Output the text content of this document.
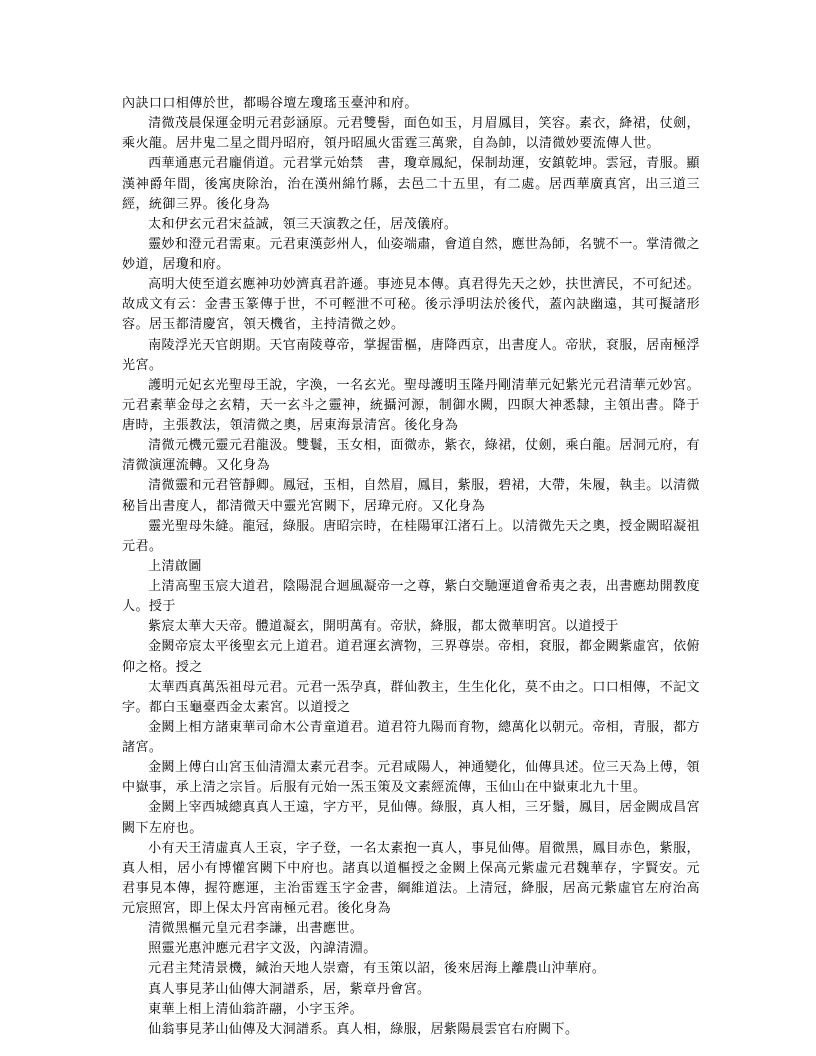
內訣口口相傳於世，都暘谷壇左瓊瑤玉臺沖和府。

清微茂晨保運金明元君彭涵原。元君雙髻，面色如玉，月眉鳳目，笑容。素衣，絳裙，仗劍，乘火龍。居井鬼二星之間丹昭府，領丹昭風火雷霆三萬衆，自為帥，以清微妙要流傳人世。

西華通惠元君龐俏道。元君掌元始禁　書，瓊章鳳紀，保制劫運，安鎮乾坤。雲冠，青服。顯漢神爵年間，後寓庚除治，治在漢州綿竹縣，去邑二十五里，有二處。居西華廣真宮，出三道三經，統御三界。後化身為

太和伊玄元君宋益誠，領三天演教之任，居茂儀府。

靈妙和澄元君需東。元君東漢彭州人，仙姿端肅，會道自然，應世為師，名號不一。掌清微之妙道，居瓊和府。

高明大使至道玄應神功妙濟真君許遜。事迹見本傳。真君得先天之妙，扶世濟民，不可紀述。故成文有云：金書玉篆傳于世，不可輕泄不可秘。後示淨明法於後代，蓋內訣幽遠，其可擬諸形容。居玉都清慶宮，領天機省，主持清微之妙。

南陵浮光天官朗期。天官南陵尊帝，掌握雷樞，唐降西京，出書度人。帝狀，袞服，居南極浮光宮。

護明元妃玄光聖母王說，字渙，一名玄光。聖母護明玉隆丹剛清華元妃紫光元君清華元妙宮。元君素華金母之玄精，天一玄斗之靈神，統攝河源，制御水闕，四瞑大神悉隸，主領出書。降于唐時，主張教法，領清微之奧，居東海景清宮。後化身為

清微元機元靈元君龍汲。雙鬟，玉女相，面微赤，紫衣，綠裙，仗劍，乘白龍。居洞元府，有清微演運流轉。又化身為

清微靈和元君管靜卿。鳳冠，玉相，自然眉，鳳目，紫服，碧裙，大帶，朱履，執圭。以清微秘旨出書度人，都清微天中靈光宮闕下，居瑋元府。又化身為

靈光聖母朱縫。龍冠，綠服。唐昭宗時，在桂陽軍江渚石上。以清微先天之奧，授金闕昭凝祖元君。

上清啟圖

上清高聖玉宸大道君，陰陽混合迴風凝帝一之尊，紫白交馳運道會希夷之表，出書應劫開教度人。授于

紫宸太華大天帝。體道凝玄，開明萬有。帝狀，絳服，都太微華明宮。以道授于

金闕帝宸太平後聖玄元上道君。道君運玄濟物，三界尊崇。帝相，袞服，都金闕紫虛宮，依俯仰之格。授之

太華西真萬炁祖母元君。元君一炁孕真，群仙教主，生生化化，莫不由之。口口相傳，不記文字。都白玉龜臺西金太素宮。以道授之

金闕上相方諸東華司命木公青童道君。道君符九陽而育物，總萬化以朝元。帝相，青服，都方諸宮。

金闕上傅白山宮玉仙清淵太素元君李。元君咸陽人，神通變化，仙傳具述。位三天為上傅，領中嶽事，承上清之宗旨。后服有元始一炁玉策及文素經流傳，玉仙山在中嶽東北九十里。

金闕上宰西城總真真人王遠，字方平，見仙傳。綠服，真人相，三牙鬚，鳳目，居金闕成昌宮闕下左府也。

小有天王清虛真人王哀，字子登，一名太素抱一真人，事見仙傳。眉微黑，鳳目赤色，紫服，真人相，居小有博懽宮闕下中府也。諸真以道樞授之金闕上保高元紫虛元君魏華存，字賢安。元君事見本傳，握符應運，主治雷霆玉字金書，綱維道法。上清冠，絳服，居高元紫虛官左府治高元宸照宮，即上保太丹宮南極元君。後化身為

清微黑樞元皇元君李謙，出書應世。

照靈光惠沖應元君字文汲，內諱清淵。

元君主梵清景機，緘治天地人崇齋，有玉策以詔，後來居海上離農山沖華府。

真人事見茅山仙傳大洞譜系，居，紫章丹會宮。

東華上相上清仙翁許翮，小字玉斧。

仙翁事見茅山仙傳及大洞譜系。真人相，綠服，居紫陽晨雲官右府闕下。
